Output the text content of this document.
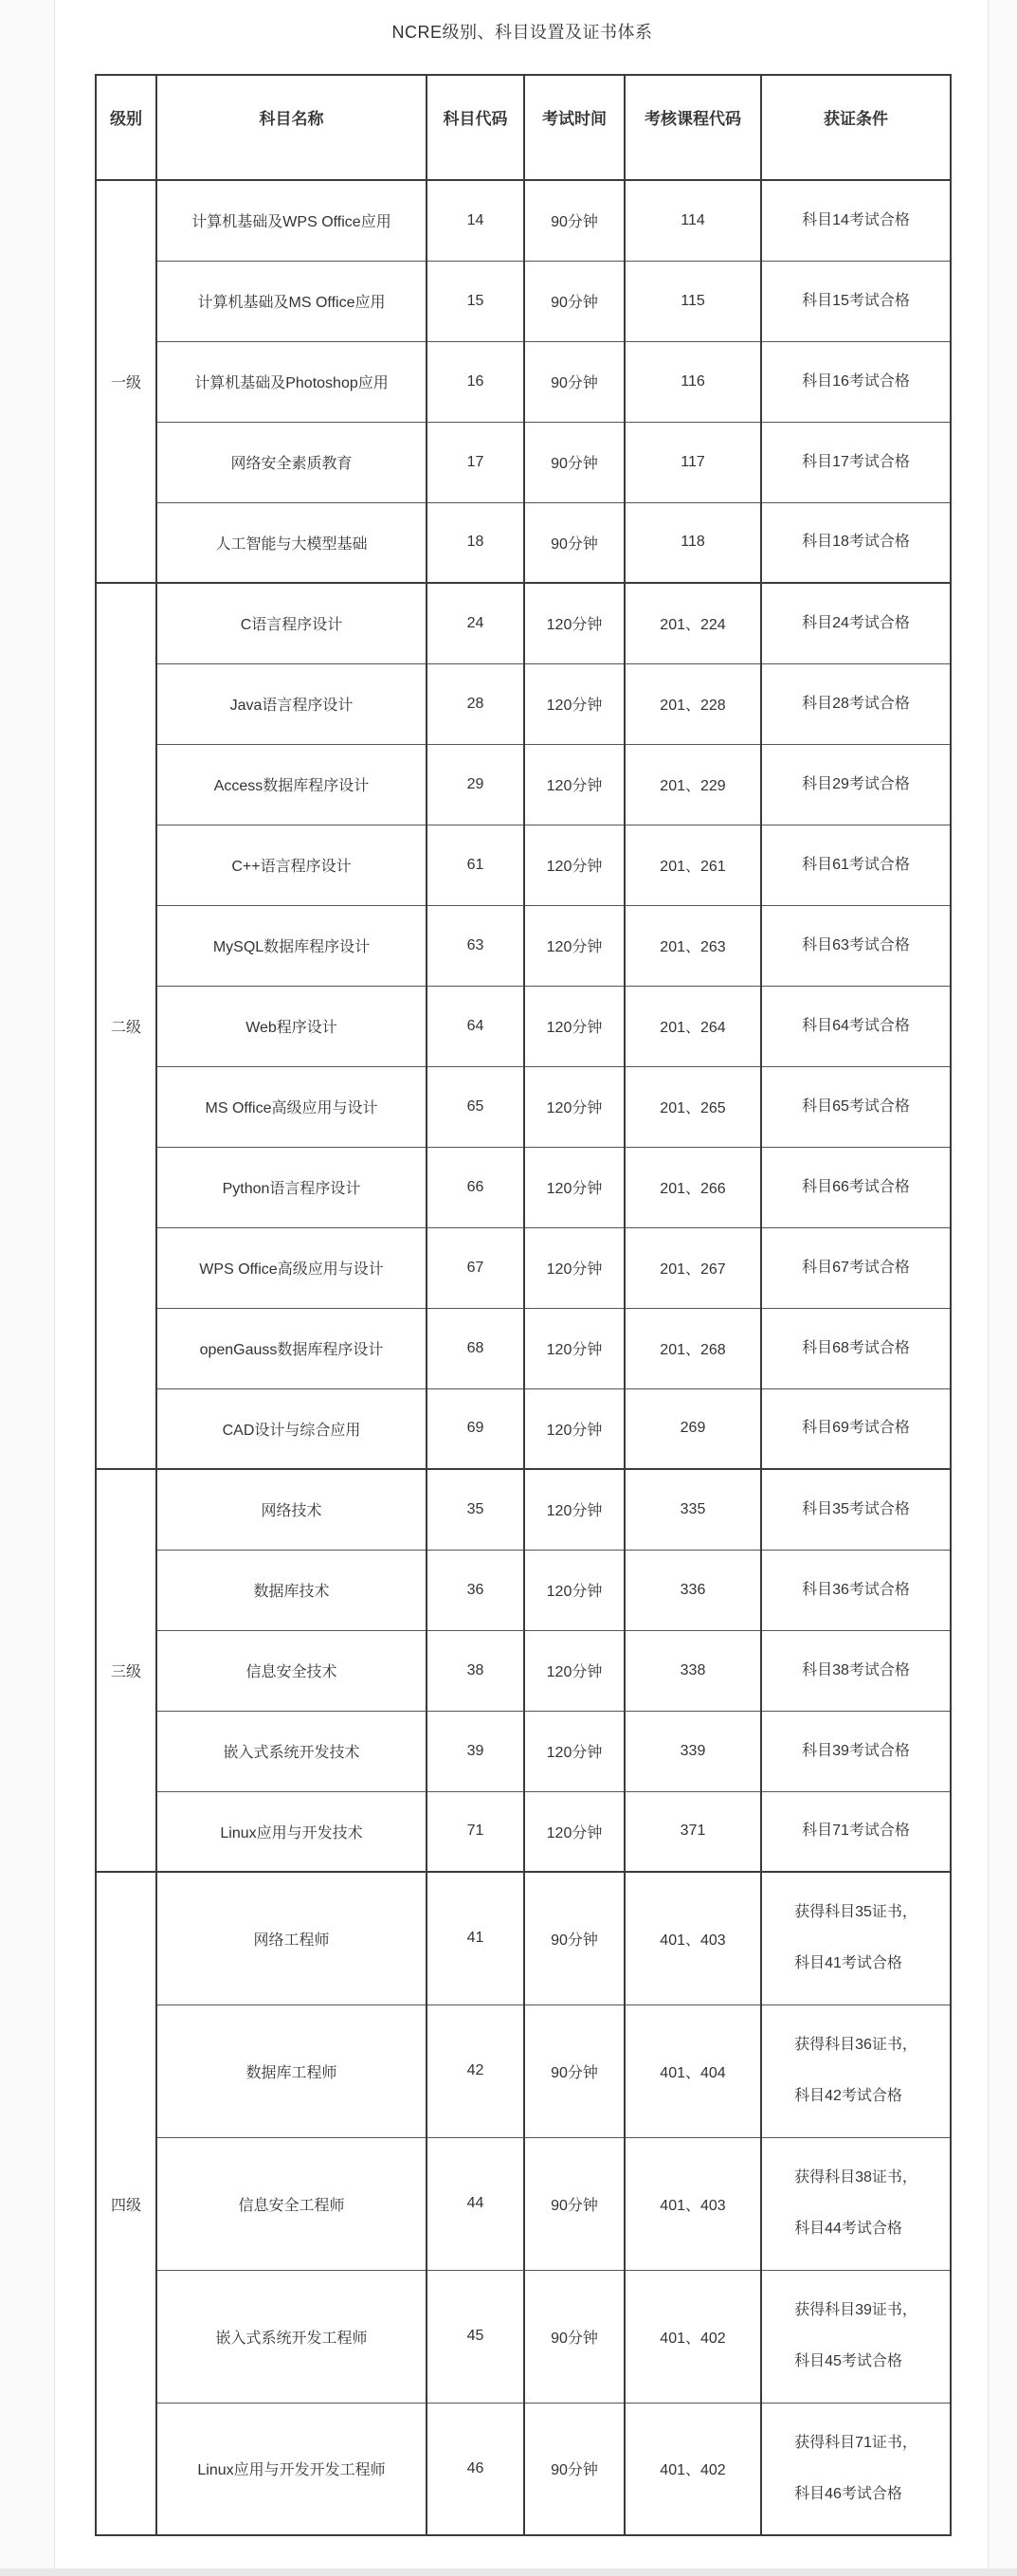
NCRE级别、科目设置及证书体系
级别	科目名称	科目代码	考试时间	考核课程代码	获证条件
一级	计算机基础及WPS Office应用	14	90分钟	114	科目14考试合格

	计算机基础及MS Office应用	15	90分钟	115	科目15考试合格

	计算机基础及Photoshop应用	16	90分钟	116	科目16考试合格

	网络安全素质教育	17	90分钟	117	科目17考试合格

	人工智能与大模型基础	18	90分钟	118	科目18考试合格

二级	C语言程序设计	24	120分钟	201、224	科目24考试合格

	Java语言程序设计	28	120分钟	201、228	科目28考试合格

	Access数据库程序设计	29	120分钟	201、229	科目29考试合格

	C++语言程序设计	61	120分钟	201、261	科目61考试合格

	MySQL数据库程序设计	63	120分钟	201、263	科目63考试合格

	Web程序设计	64	120分钟	201、264	科目64考试合格

	MS Office高级应用与设计	65	120分钟	201、265	科目65考试合格

	Python语言程序设计	66	120分钟	201、266	科目66考试合格

	WPS Office高级应用与设计	67	120分钟	201、267	科目67考试合格

	openGauss数据库程序设计	68	120分钟	201、268	科目68考试合格

	CAD设计与综合应用	69	120分钟	269	科目69考试合格

三级	网络技术	35	120分钟	335	科目35考试合格

	数据库技术	36	120分钟	336	科目36考试合格

	信息安全技术	38	120分钟	338	科目38考试合格

	嵌入式系统开发技术	39	120分钟	339	科目39考试合格

	Linux应用与开发技术	71	120分钟	371	科目71考试合格

四级	网络工程师	41	90分钟	401、403	获得科目35证书，
科目41考试合格

	数据库工程师	42	90分钟	401、404	获得科目36证书，
科目42考试合格

	信息安全工程师	44	90分钟	401、403	获得科目38证书，
科目44考试合格

	嵌入式系统开发工程师	45	90分钟	401、402	获得科目39证书，
科目45考试合格

	Linux应用与开发开发工程师	46	90分钟	401、402	获得科目71证书，
科目46考试合格
